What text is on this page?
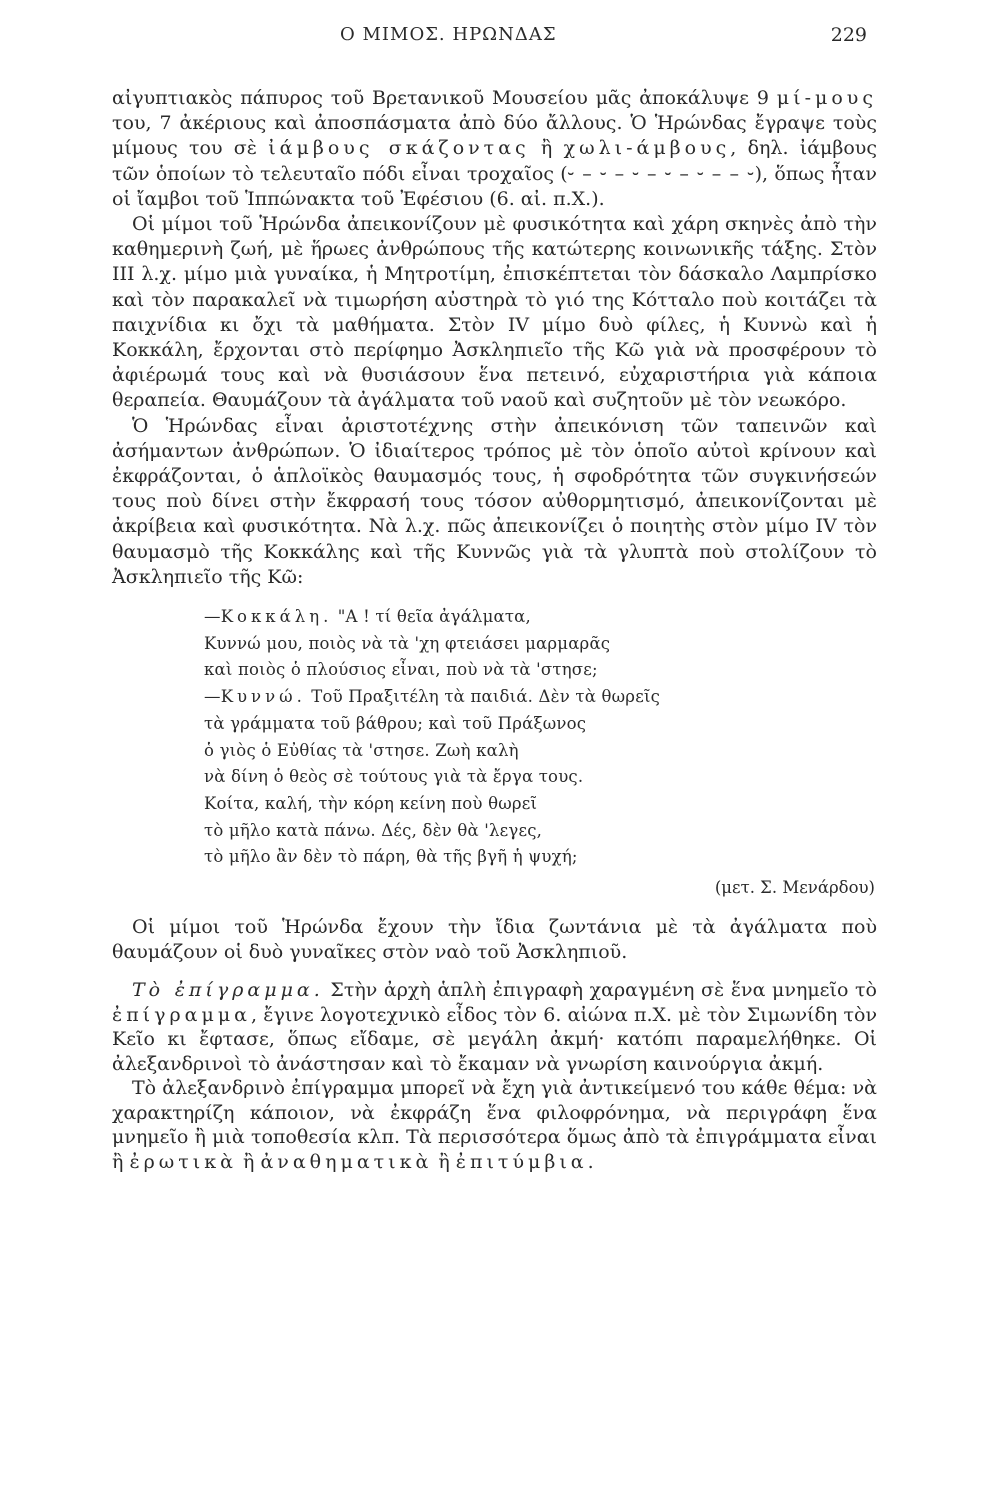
Ο ΜΙΜΟΣ. ΗΡΩΝΔΑΣ	229

αἰγυπτιακὸς πάπυρος τοῦ Βρετανικοῦ Μουσείου μᾶς ἀποκάλυψε 9 μί-μους του, 7 ἀκέριους καὶ ἀποσπάσματα ἀπὸ δύο ἄλλους. Ὁ Ἡρώνδας ἔγραψε τοὺς μίμους του σὲ ἰάμβους σκάζοντας ἢ χωλι-άμβους, δηλ. ἰάμβους τῶν ὁποίων τὸ τελευταῖο πόδι εἶναι τροχαῖος (⏑ – ⏑ – ⏑ – ⏑ – ⏑ – – ⏑), ὅπως ἦταν οἱ ἴαμβοι τοῦ Ἱππώνακτα τοῦ Ἐφέσιου (6. αἰ. π.Χ.).

Οἱ μίμοι τοῦ Ἡρώνδα ἀπεικονίζουν μὲ φυσικότητα καὶ χάρη σκηνὲς ἀπὸ τὴν καθημερινὴ ζωή, μὲ ἥρωες ἀνθρώπους τῆς κατώτερης κοινωνικῆς τάξης. Στὸν ΙΙΙ λ.χ. μίμο μιὰ γυναίκα, ἡ Μητροτίμη, ἐπισκέπτεται τὸν δάσκαλο Λαμπρίσκο καὶ τὸν παρακαλεῖ νὰ τιμωρήση αὐστηρὰ τὸ γιό της Κότταλο ποὺ κοιτάζει τὰ παιχνίδια κι ὄχι τὰ μαθήματα. Στὸν IV μίμο δυὸ φίλες, ἡ Κυννὼ καὶ ἡ Κοκκάλη, ἔρχονται στὸ περίφημο Ἀσκληπιεῖο τῆς Κῶ γιὰ νὰ προσφέρουν τὸ ἀφιέρωμά τους καὶ νὰ θυσιάσουν ἕνα πετεινό, εὐχαριστήρια γιὰ κάποια θεραπεία. Θαυμάζουν τὰ ἀγάλματα τοῦ ναοῦ καὶ συζητοῦν μὲ τὸν νεωκόρο.

Ὁ Ἡρώνδας εἶναι ἀριστοτέχνης στὴν ἀπεικόνιση τῶν ταπεινῶν καὶ ἀσήμαντων ἀνθρώπων. Ὁ ἰδιαίτερος τρόπος μὲ τὸν ὁποῖο αὐτοὶ κρίνουν καὶ ἐκφράζονται, ὁ ἁπλοϊκὸς θαυμασμός τους, ἡ σφοδρότητα τῶν συγκινήσεών τους ποὺ δίνει στὴν ἔκφρασή τους τόσον αὐθορμητισμό, ἀπεικονίζονται μὲ ἀκρίβεια καὶ φυσικότητα. Νὰ λ.χ. πῶς ἀπεικονίζει ὁ ποιητὴς στὸν μίμο IV τὸν θαυμασμὸ τῆς Κοκκάλης καὶ τῆς Κυννῶς γιὰ τὰ γλυπτὰ ποὺ στολίζουν τὸ Ἀσκληπιεῖο τῆς Κῶ:

—Κοκκάλη. "Α ! τί θεῖα ἀγάλματα,
Κυννώ μου, ποιὸς νὰ τὰ 'χη φτειάσει μαρμαρᾶς
καὶ ποιὸς ὁ πλούσιος εἶναι, ποὺ νὰ τὰ 'στησε;
—Κυννώ. Τοῦ Πραξιτέλη τὰ παιδιά. Δὲν τὰ θωρεῖς
τὰ γράμματα τοῦ βάθρου; καὶ τοῦ Πράξωνος
ὁ γιὸς ὁ Εὐθίας τὰ 'στησε. Ζωὴ καλὴ
νὰ δίνη ὁ θεὸς σὲ τούτους γιὰ τὰ ἔργα τους.
Κοίτα, καλή, τὴν κόρη κείνη ποὺ θωρεῖ
τὸ μῆλο κατὰ πάνω. Δές, δὲν θὰ 'λεγες,
τὸ μῆλο ἂν δὲν τὸ πάρη, θὰ τῆς βγῆ ἡ ψυχή;
(μετ. Σ. Μενάρδου)

Οἱ μίμοι τοῦ Ἡρώνδα ἔχουν τὴν ἴδια ζωντάνια μὲ τὰ ἀγάλματα ποὺ θαυμάζουν οἱ δυὸ γυναῖκες στὸν ναὸ τοῦ Ἀσκληπιοῦ.

Τὸ ἐπίγραμμα. Στὴν ἀρχὴ ἁπλὴ ἐπιγραφὴ χαραγμένη σὲ ἕνα μνημεῖο τὸ ἐπίγραμμα, ἔγινε λογοτεχνικὸ εἶδος τὸν 6. αἰώνα π.Χ. μὲ τὸν Σιμωνίδη τὸν Κεῖο κι ἔφτασε, ὅπως εἴδαμε, σὲ μεγάλη ἀκμή· κατόπι παραμελήθηκε. Οἱ ἀλεξανδρινοὶ τὸ ἀνάστησαν καὶ τὸ ἔκαμαν νὰ γνωρίση καινούργια ἀκμή.

Τὸ ἀλεξανδρινὸ ἐπίγραμμα μπορεῖ νὰ ἔχη γιὰ ἀντικείμενό του κάθε θέμα: νὰ χαρακτηρίζη κάποιον, νὰ ἐκφράζη ἕνα φιλοφρόνημα, νὰ περιγράφη ἕνα μνημεῖο ἢ μιὰ τοποθεσία κλπ. Τὰ περισσότερα ὅμως ἀπὸ τὰ ἐπιγράμματα εἶναι ἢ ἐρωτικὰ ἢ ἀναθηματικὰ ἢ ἐπιτύμβια.
